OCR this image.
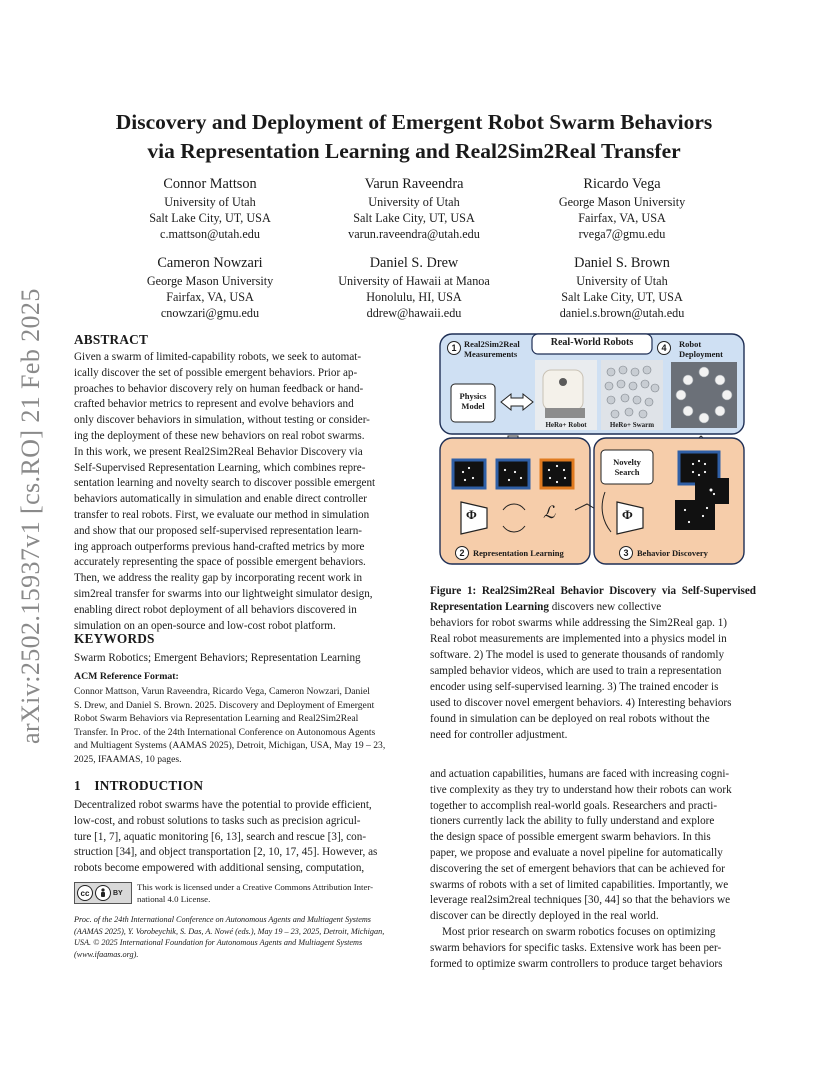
arXiv:2502.15937v1 [cs.RO] 21 Feb 2025
Discovery and Deployment of Emergent Robot Swarm Behaviors
via Representation Learning and Real2Sim2Real Transfer
Connor Mattson
University of Utah
Salt Lake City, UT, USA
c.mattson@utah.edu
Varun Raveendra
University of Utah
Salt Lake City, UT, USA
varun.raveendra@utah.edu
Ricardo Vega
George Mason University
Fairfax, VA, USA
rvega7@gmu.edu
Cameron Nowzari
George Mason University
Fairfax, VA, USA
cnowzari@gmu.edu
Daniel S. Drew
University of Hawaii at Manoa
Honolulu, HI, USA
ddrew@hawaii.edu
Daniel S. Brown
University of Utah
Salt Lake City, UT, USA
daniel.s.brown@utah.edu
ABSTRACT
Given a swarm of limited-capability robots, we seek to automat-
ically discover the set of possible emergent behaviors. Prior ap-
proaches to behavior discovery rely on human feedback or hand-
crafted behavior metrics to represent and evolve behaviors and
only discover behaviors in simulation, without testing or consider-
ing the deployment of these new behaviors on real robot swarms.
In this work, we present Real2Sim2Real Behavior Discovery via
Self-Supervised Representation Learning, which combines repre-
sentation learning and novelty search to discover possible emergent
behaviors automatically in simulation and enable direct controller
transfer to real robots. First, we evaluate our method in simulation
and show that our proposed self-supervised representation learn-
ing approach outperforms previous hand-crafted metrics by more
accurately representing the space of possible emergent behaviors.
Then, we address the reality gap by incorporating recent work in
sim2real transfer for swarms into our lightweight simulator design,
enabling direct robot deployment of all behaviors discovered in
simulation on an open-source and low-cost robot platform.
KEYWORDS
Swarm Robotics; Emergent Behaviors; Representation Learning
ACM Reference Format:
Connor Mattson, Varun Raveendra, Ricardo Vega, Cameron Nowzari, Daniel
S. Drew, and Daniel S. Brown. 2025. Discovery and Deployment of Emergent
Robot Swarm Behaviors via Representation Learning and Real2Sim2Real
Transfer. In Proc. of the 24th International Conference on Autonomous Agents
and Multiagent Systems (AAMAS 2025), Detroit, Michigan, USA, May 19 – 23,
2025, IFAAMAS, 10 pages.
1 INTRODUCTION
Decentralized robot swarms have the potential to provide efficient,
low-cost, and robust solutions to tasks such as precision agricul-
ture [1, 7], aquatic monitoring [6, 13], search and rescue [3], con-
struction [34], and object transportation [2, 10, 17, 45]. However, as
robots become empowered with additional sensing, computation,
cc	BY
This work is licensed under a Creative Commons Attribution Inter-
national 4.0 License.
Proc. of the 24th International Conference on Autonomous Agents and Multiagent Systems
(AAMAS 2025), Y. Vorobeychik, S. Das, A. Nowé (eds.), May 19 – 23, 2025, Detroit, Michigan,
USA. © 2025 International Foundation for Autonomous Agents and Multiagent Systems
(www.ifaamas.org).
1 Real2Sim2Real Measurements
Real-World Robots	4	Robot Deployment
Physics Model
HeRo+ Robot	HeRo+ Swarm
Novelty Search
Φ	ℒ	Φ
2	Representation Learning	3	Behavior Discovery
Figure 1: Real2Sim2Real Behavior Discovery via Self-Supervised Representation Learning discovers new collective
behaviors for robot swarms while addressing the Sim2Real gap. 1)
Real robot measurements are implemented into a physics model in
software. 2) The model is used to generate thousands of randomly
sampled behavior videos, which are used to train a representation
encoder using self-supervised learning. 3) The trained encoder is
used to discover novel emergent behaviors. 4) Interesting behaviors
found in simulation can be deployed on real robots without the
need for controller adjustment.
and actuation capabilities, humans are faced with increasing cogni-
tive complexity as they try to understand how their robots can work
together to accomplish real-world goals. Researchers and practi-
tioners currently lack the ability to fully understand and explore
the design space of possible emergent swarm behaviors. In this
paper, we propose and evaluate a novel pipeline for automatically
discovering the set of emergent behaviors that can be achieved for
swarms of robots with a set of limited capabilities. Importantly, we
leverage real2sim2real techniques [30, 44] so that the behaviors we
discover can be directly deployed in the real world.
Most prior research on swarm robotics focuses on optimizing
swarm behaviors for specific tasks. Extensive work has been per-
formed to optimize swarm controllers to produce target behaviors
